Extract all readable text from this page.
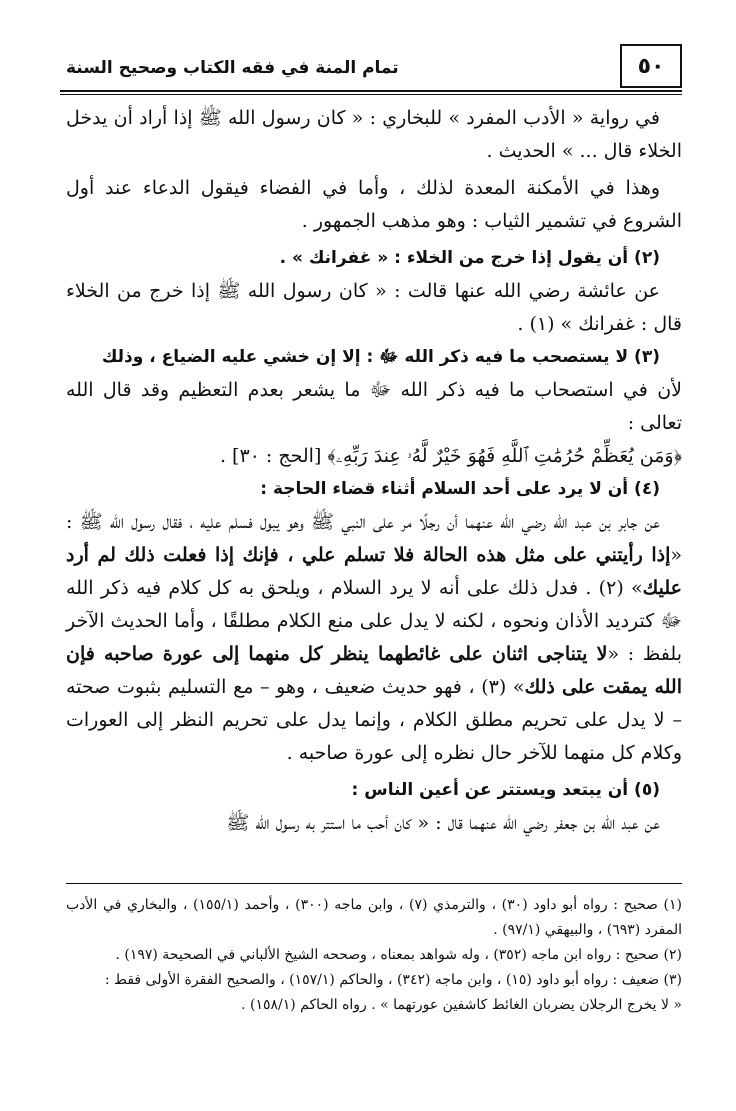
٥٠
تمام المنة في فقه الكتاب وصحيح السنة

في رواية « الأدب المفرد » للبخاري : « كان رسول الله ﷺ إذا أراد أن يدخل الخلاء قال ... » الحديث .

وهذا في الأمكنة المعدة لذلك ، وأما في الفضاء فيقول الدعاء عند أول الشروع في تشمير الثياب : وهو مذهب الجمهور .

(٢) أن يقول إذا خرج من الخلاء : « غفرانك » .

عن عائشة رضي الله عنها قالت : « كان رسول الله ﷺ إذا خرج من الخلاء قال : غفرانك » (١) .

(٣) لا يستصحب ما فيه ذكر الله ﷻ : إلا إن خشي عليه الضياع ، وذلك

لأن في استصحاب ما فيه ذكر الله ﷻ ما يشعر بعدم التعظيم وقد قال الله تعالى :

﴿وَمَن يُعَظِّمْ حُرُمَٰتِ ٱللَّهِ فَهُوَ خَيْرٌ لَّهُۥ عِندَ رَبِّهِۦ﴾ [الحج : ٣٠] .

(٤) أن لا يرد على أحد السلام أثناء قضاء الحاجة :

عن جابر بن عبد الله رضي الله عنهما أن رجلًا مر على النبي ﷺ وهو يبول فسلم عليه ، فقال رسول الله ﷺ : «إذا رأيتني على مثل هذه الحالة فلا تسلم علي ، فإنك إذا فعلت ذلك لم أرد عليك» (٢) . فدل ذلك على أنه لا يرد السلام ، ويلحق به كل كلام فيه ذكر الله ﷻ كترديد الأذان ونحوه ، لكنه لا يدل على منع الكلام مطلقًا ، وأما الحديث الآخر بلفظ : «لا يتناجى اثنان على غائطهما ينظر كل منهما إلى عورة صاحبه فإن الله يمقت على ذلك» (٣) ، فهو حديث ضعيف ، وهو – مع التسليم بثبوت صحته – لا يدل على تحريم مطلق الكلام ، وإنما يدل على تحريم النظر إلى العورات وكلام كل منهما للآخر حال نظره إلى عورة صاحبه .

(٥) أن يبتعد ويستتر عن أعين الناس :

عن عبد الله بن جعفر رضي الله عنهما قال : « كان أحب ما استتر به رسول الله ﷺ

(١) صحيح : رواه أبو داود (٣٠) ، والترمذي (٧) ، وابن ماجه (٣٠٠) ، وأحمد (١٥٥/١) ، والبخاري في الأدب المفرد (٦٩٣) ، والبيهقي (٩٧/١) .

(٢) صحيح : رواه ابن ماجه (٣٥٢) ، وله شواهد بمعناه ، وصححه الشيخ الألباني في الصحيحة (١٩٧) .

(٣) ضعيف : رواه أبو داود (١٥) ، وابن ماجه (٣٤٢) ، والحاكم (١٥٧/١) ، والصحيح الفقرة الأولى فقط :

« لا يخرج الرجلان يضربان الغائط كاشفين عورتهما » . رواه الحاكم (١٥٨/١) .
